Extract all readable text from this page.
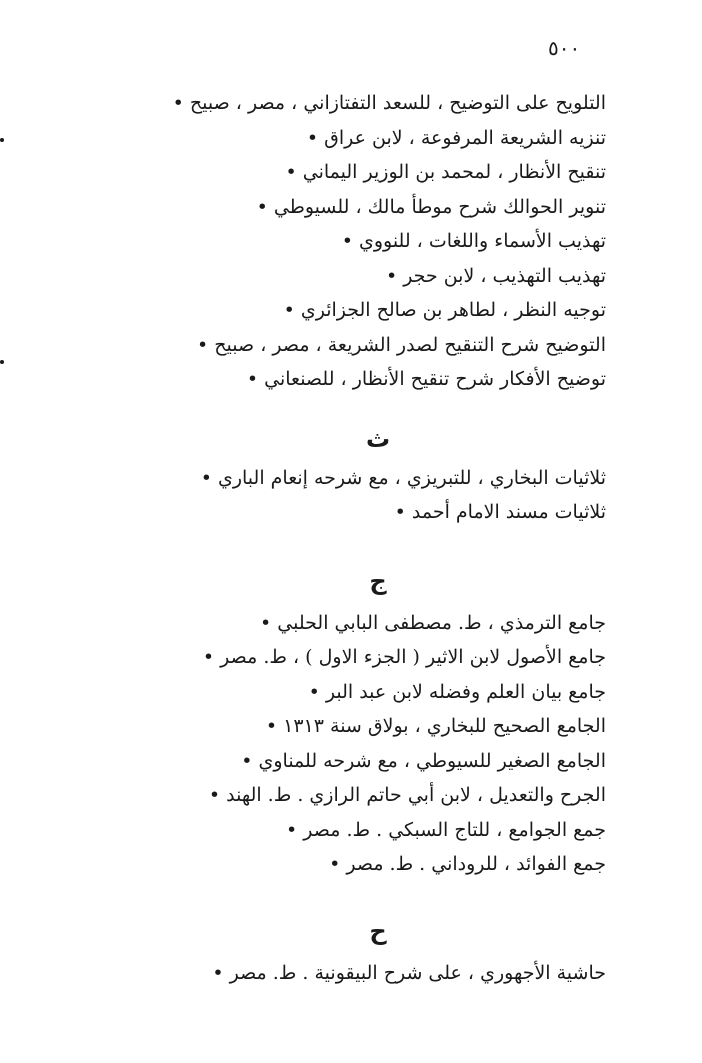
٥٠٠
التلويح على التوضيح ، للسعد التفتازاني ، مصر ، صبيح •
تنزيه الشريعة المرفوعة ، لابن عراق •
تنقيح الأنظار ، لمحمد بن الوزير اليماني •
تنوير الحوالك شرح موطأ مالك ، للسيوطي •
تهذيب الأسماء واللغات ، للنووي •
تهذيب التهذيب ، لابن حجر •
توجيه النظر ، لطاهر بن صالح الجزائري •
التوضيح شرح التنقيح لصدر الشريعة ، مصر ، صبيح •
توضيح الأفكار شرح تنقيح الأنظار ، للصنعاني •
ث
ثلاثيات البخاري ، للتبريزي ، مع شرحه إنعام الباري •
ثلاثيات مسند الامام أحمد •
ج
جامع الترمذي ، ط. مصطفى البابي الحلبي •
جامع الأصول لابن الاثير ( الجزء الاول ) ، ط. مصر •
جامع بيان العلم وفضله لابن عبد البر •
الجامع الصحيح للبخاري ، بولاق سنة ١٣١٣ •
الجامع الصغير للسيوطي ، مع شرحه للمناوي •
الجرح والتعديل ، لابن أبي حاتم الرازي . ط. الهند •
جمع الجوامع ، للتاج السبكي . ط. مصر •
جمع الفوائد ، للروداني . ط. مصر •
ح
حاشية الأجهوري ، على شرح البيقونية . ط. مصر •
